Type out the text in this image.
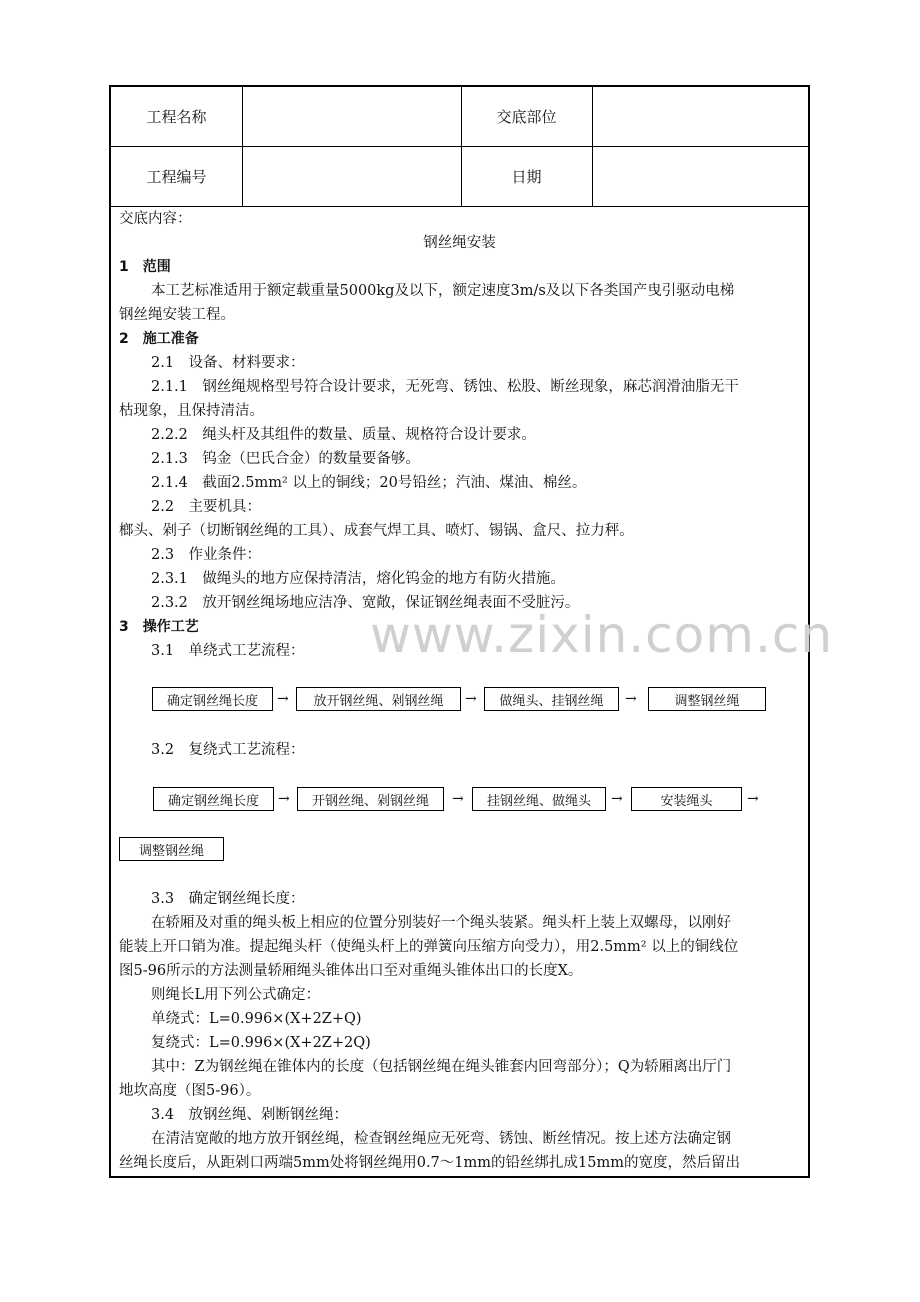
工程名称	交底部位
工程编号	日期
交底内容：
钢丝绳安装
1　范围
本工艺标准适用于额定载重量5000kg及以下，额定速度3m/s及以下各类国产曳引驱动电梯
钢丝绳安装工程。
2　施工准备
2.1　设备、材料要求：
2.1.1　钢丝绳规格型号符合设计要求，无死弯、锈蚀、松股、断丝现象，麻芯润滑油脂无干
枯现象，且保持清洁。
2.2.2　绳头杆及其组件的数量、质量、规格符合设计要求。
2.1.3　钨金（巴氏合金）的数量要备够。
2.1.4　截面2.5mm² 以上的铜线；20号铅丝；汽油、煤油、棉丝。
2.2　主要机具：
榔头、剁子（切断钢丝绳的工具）、成套气焊工具、喷灯、锡锅、盒尺、拉力秤。
2.3　作业条件：
2.3.1　做绳头的地方应保持清洁，熔化钨金的地方有防火措施。
2.3.2　放开钢丝绳场地应洁净、宽敞，保证钢丝绳表面不受脏污。
3　操作工艺
3.1　单绕式工艺流程：
确定钢丝绳长度	→	放开钢丝绳、剁钢丝绳	→	做绳头、挂钢丝绳	→	调整钢丝绳
3.2　复绕式工艺流程：
确定钢丝绳长度	→	开钢丝绳、剁钢丝绳	→	挂钢丝绳、做绳头	→	安装绳头	→
调整钢丝绳
3.3　确定钢丝绳长度：
在轿厢及对重的绳头板上相应的位置分别装好一个绳头装紧。绳头杆上装上双螺母，以刚好
能装上开口销为准。提起绳头杆（使绳头杆上的弹簧向压缩方向受力），用2.5mm² 以上的铜线位
图5-96所示的方法测量轿厢绳头锥体出口至对重绳头锥体出口的长度X。
则绳长L用下列公式确定：
单绕式：L=0.996×(X+2Z+Q)
复绕式：L=0.996×(X+2Z+2Q)
其中：Z为钢丝绳在锥体内的长度（包括钢丝绳在绳头锥套内回弯部分）；Q为轿厢离出厅门
地坎高度（图5-96）。
3.4　放钢丝绳、剁断钢丝绳：
在清洁宽敞的地方放开钢丝绳，检查钢丝绳应无死弯、锈蚀、断丝情况。按上述方法确定钢
丝绳长度后，从距剁口两端5mm处将钢丝绳用0.7～1mm的铅丝绑扎成15mm的宽度，然后留出
www.zixin.com.cn
